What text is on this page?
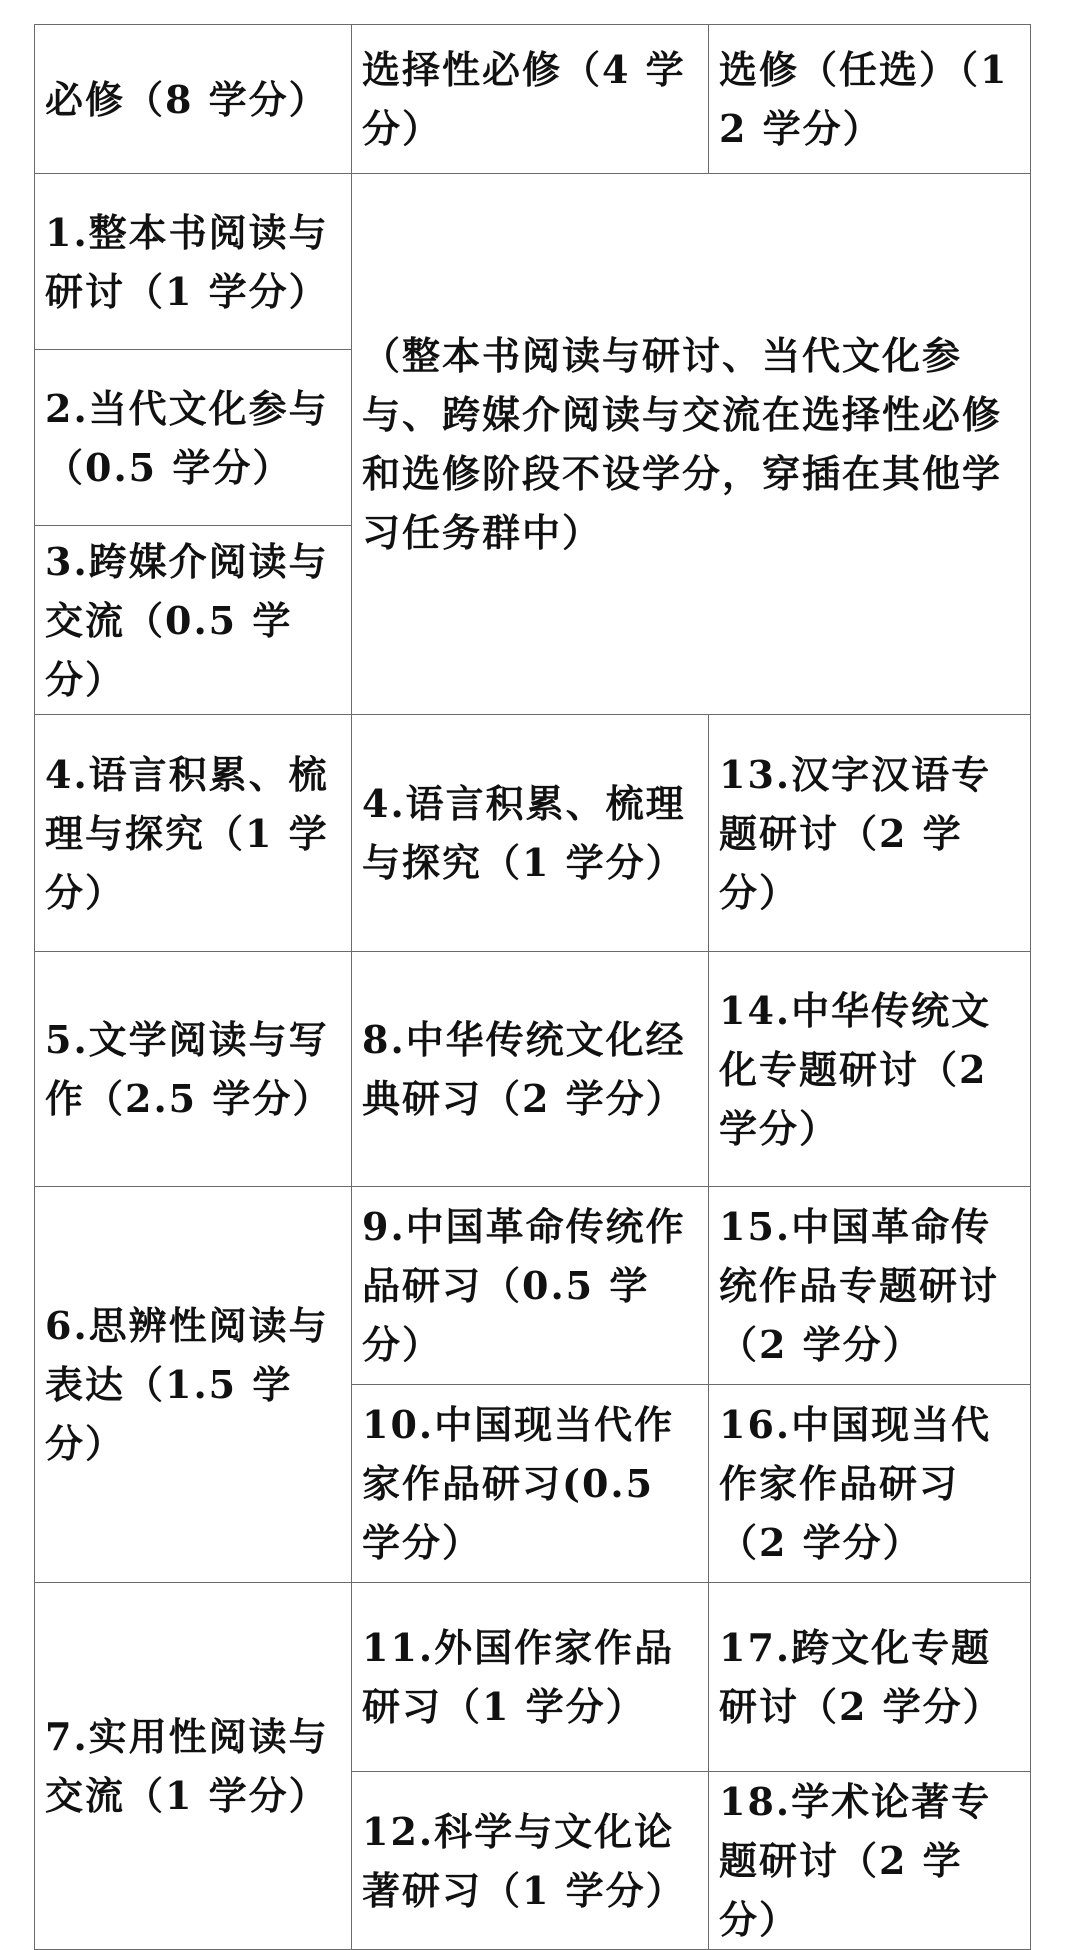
必修（8 学分）	选择性必修（4 学分）	选修（任选）（12 学分）

1.整本书阅读与研讨（1 学分）	（整本书阅读与研讨、当代文化参与、跨媒介阅读与交流在选择性必修和选修阶段不设学分，穿插在其他学习任务群中）	

2.当代文化参与（0.5 学分）		

3.跨媒介阅读与交流（0.5 学分）		

4.语言积累、梳理与探究（1 学分）	4.语言积累、梳理与探究（1 学分）	13.汉字汉语专题研讨（2 学分）

5.文学阅读与写作（2.5 学分）	8.中华传统文化经典研习（2 学分）	14.中华传统文化专题研讨（2 学分）

6.思辨性阅读与表达（1.5 学分）	9.中国革命传统作品研习（0.5 学分）	15.中国革命传统作品专题研讨（2 学分）

	10.中国现当代作家作品研习(0.5 学分）	16.中国现当代作家作品研习（2 学分）

7.实用性阅读与交流（1 学分）	11.外国作家作品研习（1 学分）	17.跨文化专题研讨（2 学分）

	12.科学与文化论著研习（1 学分）	18.学术论著专题研讨（2 学分）
